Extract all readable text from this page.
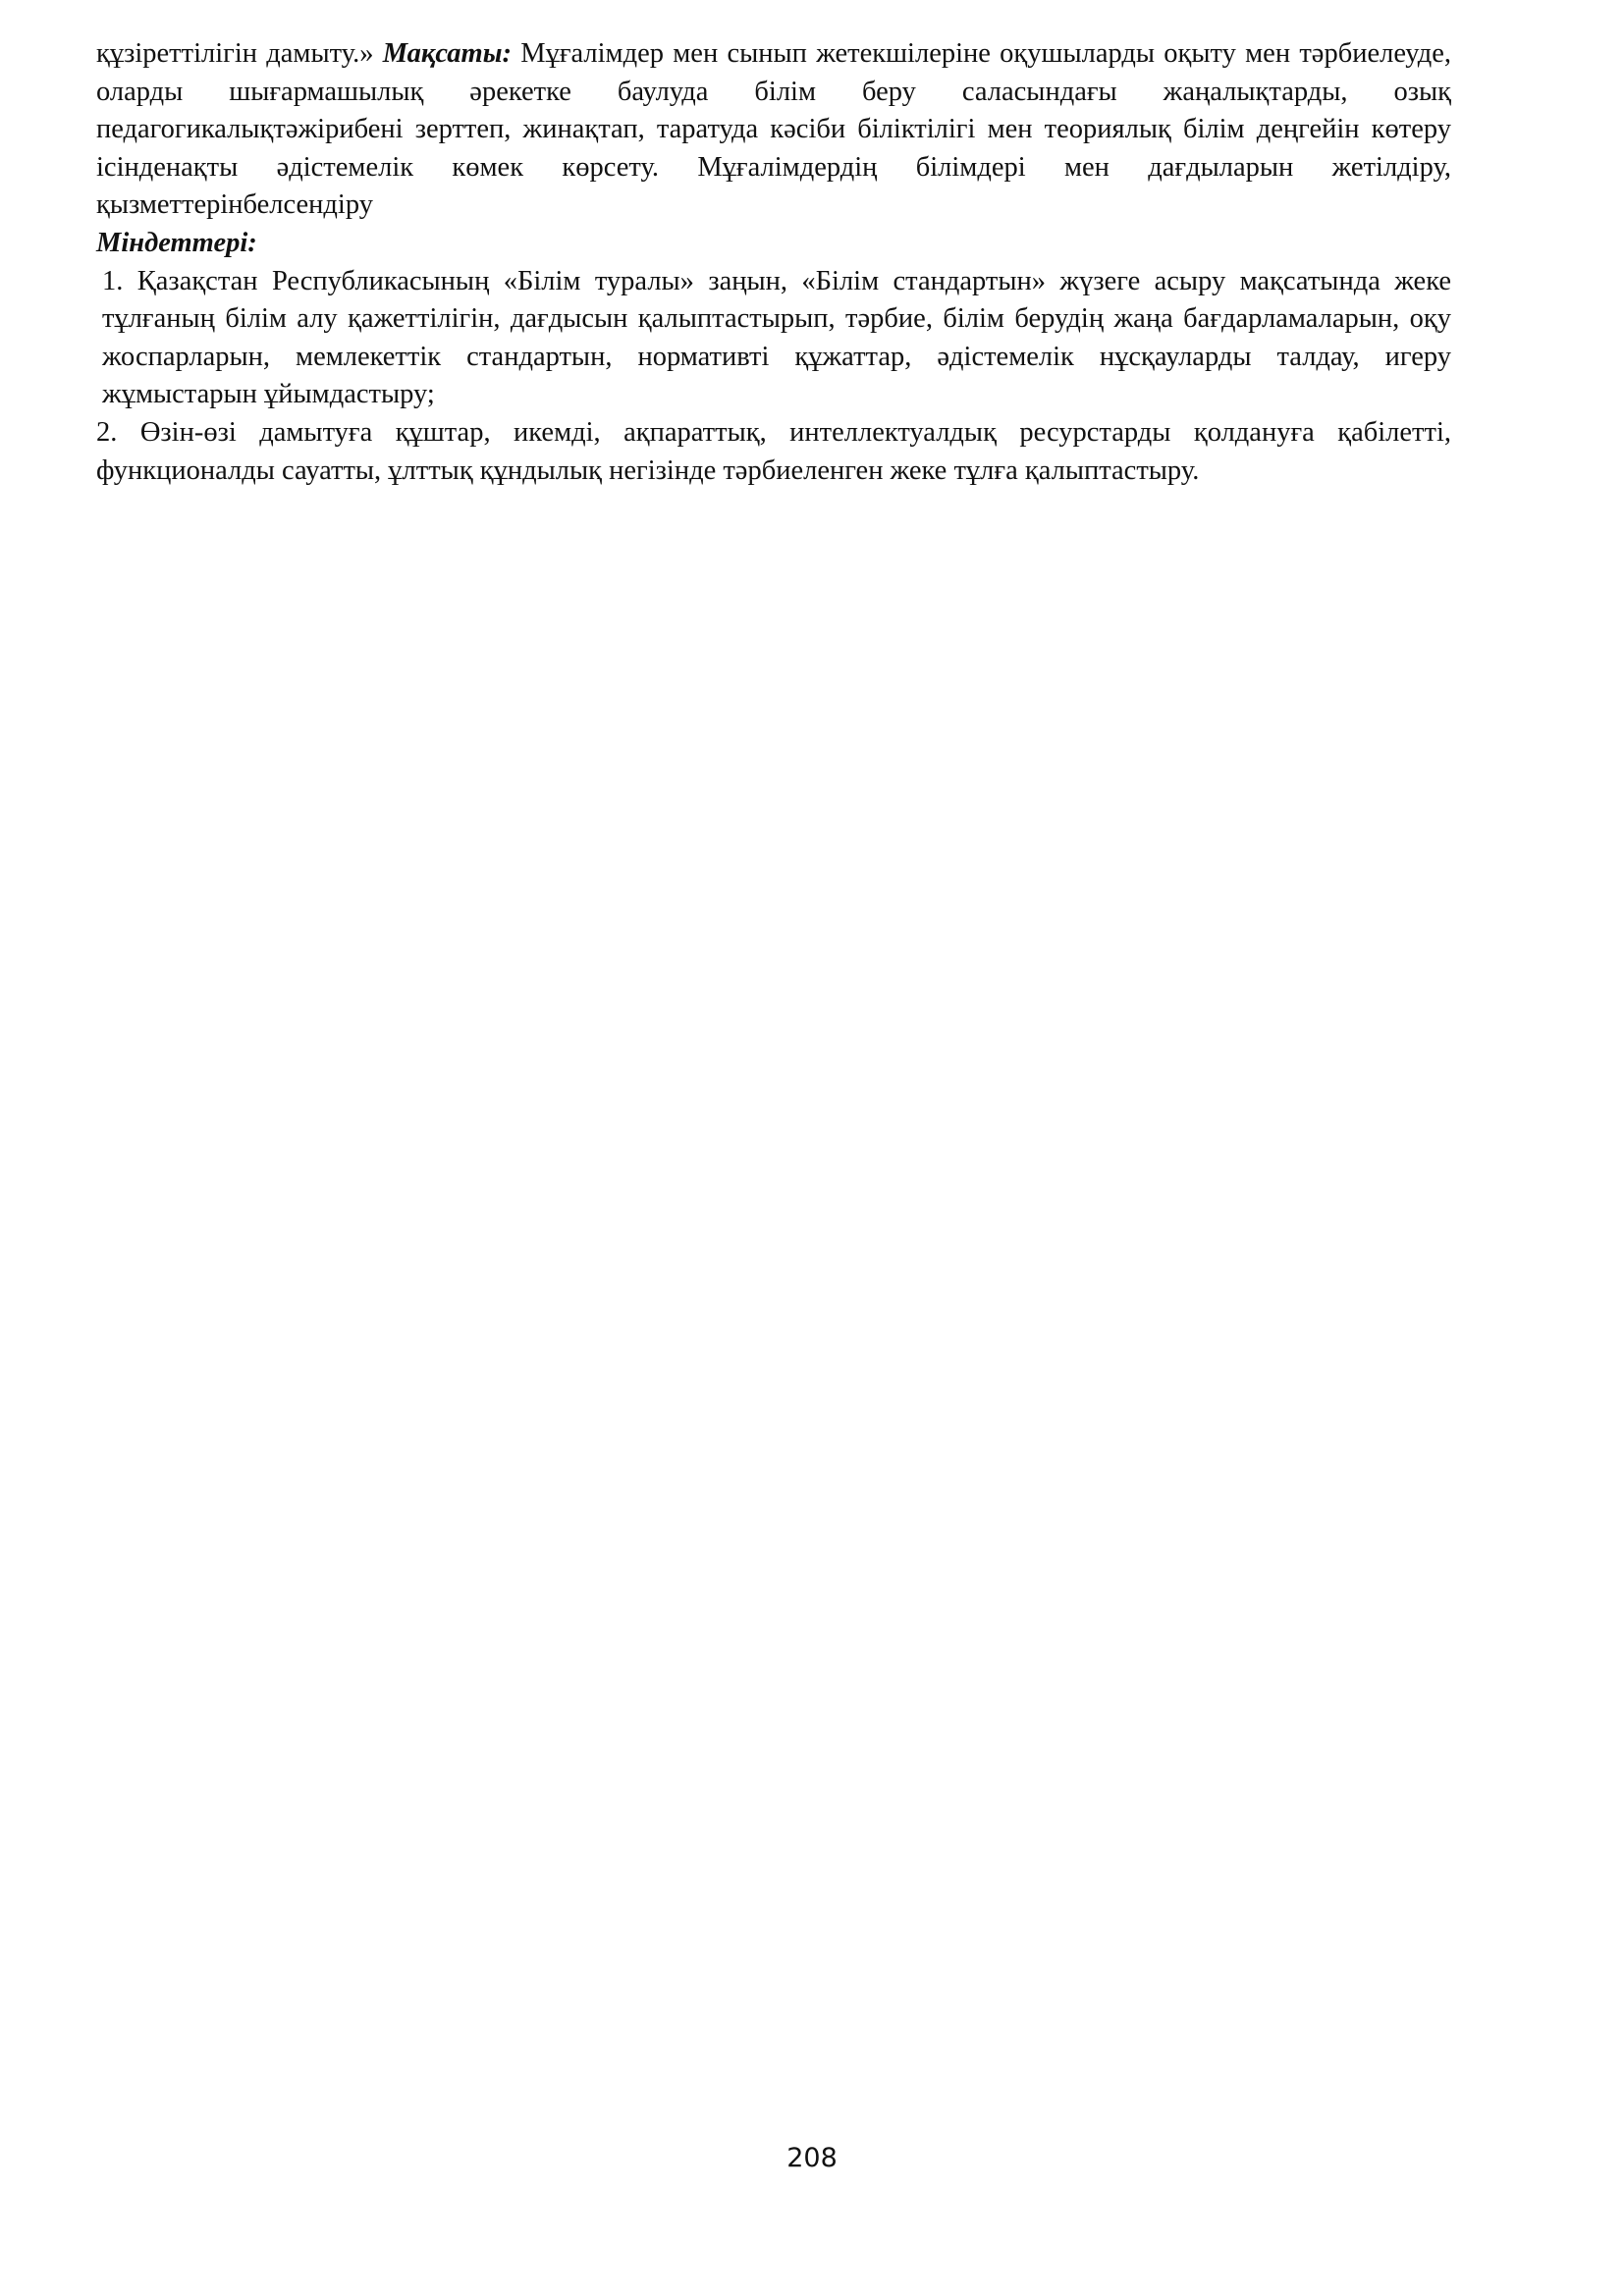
құзіреттілігін дамыту.» Мақсаты: Мұғалімдер мен сынып жетекшілеріне оқушыларды оқыту мен тәрбиелеуде, оларды шығармашылық әрекетке баулуда білім беру саласындағы жаңалықтарды, озық педагогикалықтәжірибені зерттеп, жинақтап, таратуда кәсіби біліктілігі мен теориялық білім деңгейін көтеру ісінденақты әдістемелік көмек көрсету. Мұғалімдердің білімдері мен дағдыларын жетілдіру, қызметтерінбелсендіру

Міндеттері:

1. Қазақстан Республикасының «Білім туралы» заңын, «Білім стандартын» жүзеге асыру мақсатында жеке тұлғаның білім алу қажеттілігін, дағдысын қалыптастырып, тәрбие, білім берудің жаңа бағдарламаларын, оқу жоспарларын, мемлекеттік стандартын, нормативті құжаттар, әдістемелік нұсқауларды талдау, игеру жұмыстарын ұйымдастыру;

2. Өзін-өзі дамытуға құштар, икемді, ақпараттық, интеллектуалдық ресурстарды қолдануға қабілетті, функционалды сауатты, ұлттық құндылық негізінде тәрбиеленген жеке тұлға қалыптастыру.

208
